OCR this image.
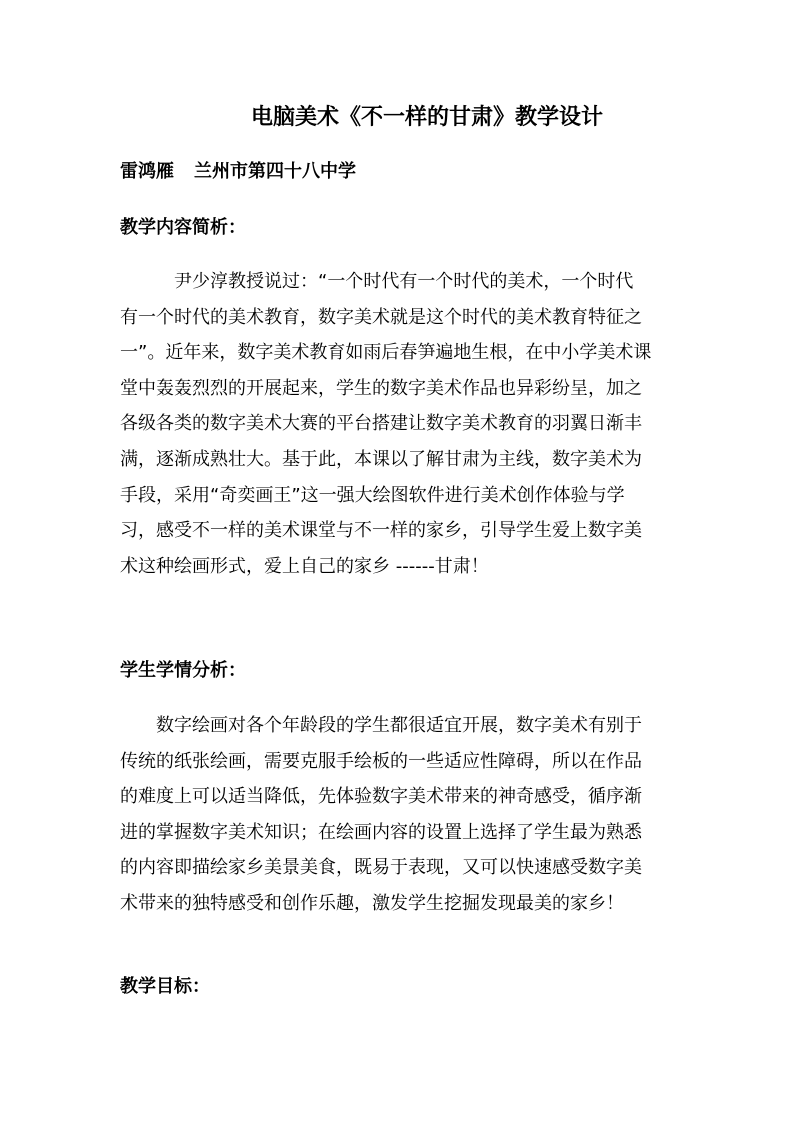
电脑美术《不一样的甘肃》教学设计
雷鸿雁 兰州市第四十八中学
教学内容简析：
尹少淳教授说过：“一个时代有一个时代的美术，一个时代
有一个时代的美术教育，数字美术就是这个时代的美术教育特征之
一”。近年来，数字美术教育如雨后春笋遍地生根，在中小学美术课
堂中轰轰烈烈的开展起来，学生的数字美术作品也异彩纷呈，加之
各级各类的数字美术大赛的平台搭建让数字美术教育的羽翼日渐丰
满，逐渐成熟壮大。基于此，本课以了解甘肃为主线，数字美术为
手段，采用“奇奕画王”这一强大绘图软件进行美术创作体验与学
习，感受不一样的美术课堂与不一样的家乡，引导学生爱上数字美
术这种绘画形式，爱上自己的家乡 ------甘肃！
学生学情分析：
数字绘画对各个年龄段的学生都很适宜开展，数字美术有别于
传统的纸张绘画，需要克服手绘板的一些适应性障碍，所以在作品
的难度上可以适当降低，先体验数字美术带来的神奇感受，循序渐
进的掌握数字美术知识；在绘画内容的设置上选择了学生最为熟悉
的内容即描绘家乡美景美食，既易于表现，又可以快速感受数字美
术带来的独特感受和创作乐趣，激发学生挖掘发现最美的家乡！
教学目标：
